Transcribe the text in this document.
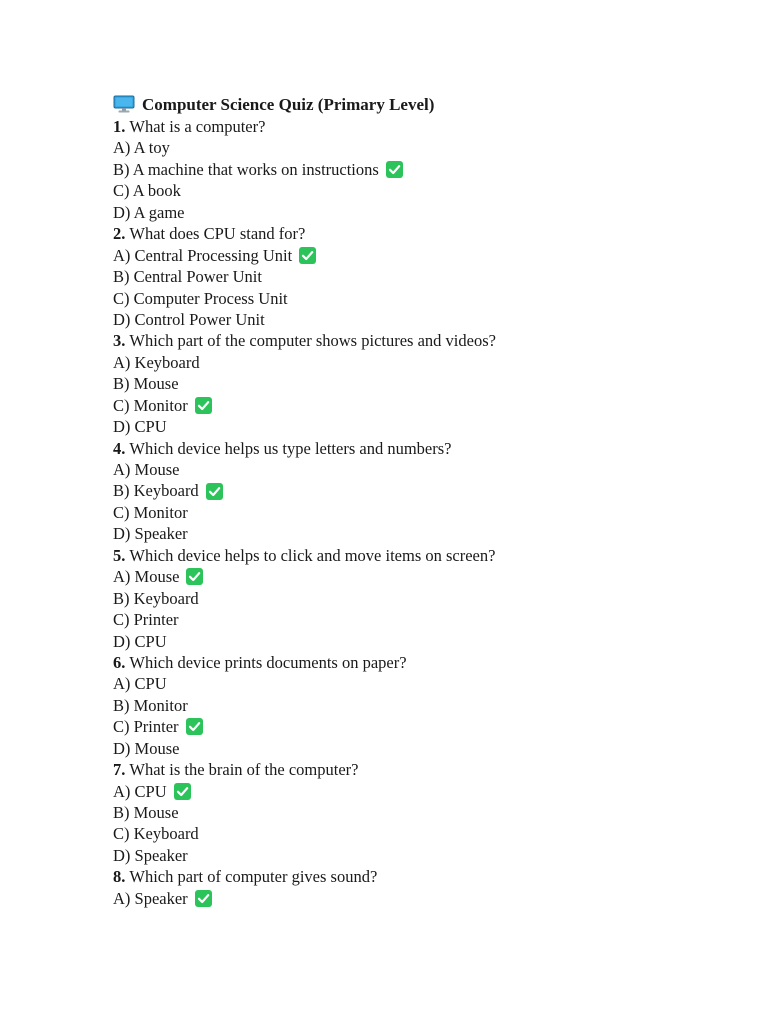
Computer Science Quiz (Primary Level)
1. What is a computer?
A) A toy
B) A machine that works on instructions
C) A book
D) A game
2. What does CPU stand for?
A) Central Processing Unit
B) Central Power Unit
C) Computer Process Unit
D) Control Power Unit
3. Which part of the computer shows pictures and videos?
A) Keyboard
B) Mouse
C) Monitor
D) CPU
4. Which device helps us type letters and numbers?
A) Mouse
B) Keyboard
C) Monitor
D) Speaker
5. Which device helps to click and move items on screen?
A) Mouse
B) Keyboard
C) Printer
D) CPU
6. Which device prints documents on paper?
A) CPU
B) Monitor
C) Printer
D) Mouse
7. What is the brain of the computer?
A) CPU
B) Mouse
C) Keyboard
D) Speaker
8. Which part of computer gives sound?
A) Speaker
